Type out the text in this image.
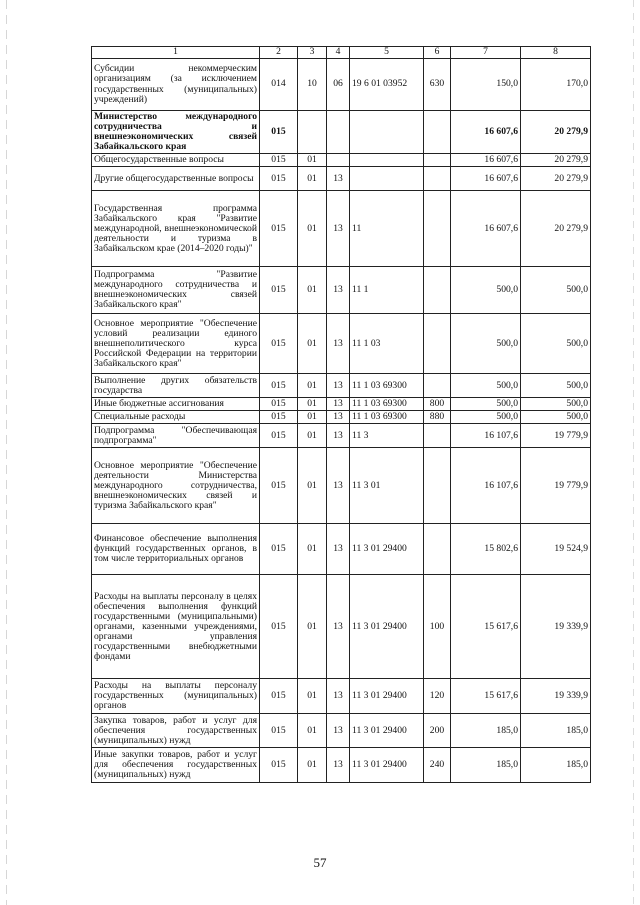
1	2	3	4	5	6	7	8
Субсидии некоммерческим организациям (за исключением государственных (муниципальных) учреждений)	014	10	06	19 6 01 03952	630	150,0	170,0
Министерство международного сотрудничества и внешнеэкономических связей Забайкальского края	015					16 607,6	20 279,9
Общегосударственные вопросы	015	01				16 607,6	20 279,9
Другие общегосударственные вопросы	015	01	13			16 607,6	20 279,9
Государственная программа Забайкальского края "Развитие международной, внешнеэкономической деятельности и туризма в Забайкальском крае (2014–2020 годы)"	015	01	13	11		16 607,6	20 279,9
Подпрограмма "Развитие международного сотрудничества и внешнеэкономических связей Забайкальского края"	015	01	13	11 1		500,0	500,0
Основное мероприятие "Обеспечение условий реализации единого внешнеполитического курса Российской Федерации на территории Забайкальского края"	015	01	13	11 1 03		500,0	500,0
Выполнение других обязательств государства	015	01	13	11 1 03 69300		500,0	500,0
Иные бюджетные ассигнования	015	01	13	11 1 03 69300	800	500,0	500,0
Специальные расходы	015	01	13	11 1 03 69300	880	500,0	500,0
Подпрограмма "Обеспечивающая подпрограмма"	015	01	13	11 3		16 107,6	19 779,9
Основное мероприятие "Обеспечение деятельности Министерства международного сотрудничества, внешнеэкономических связей и туризма Забайкальского края"	015	01	13	11 3 01		16 107,6	19 779,9
Финансовое обеспечение выполнения функций государственных органов, в том числе территориальных органов	015	01	13	11 3 01 29400		15 802,6	19 524,9
Расходы на выплаты персоналу в целях обеспечения выполнения функций государственными (муниципальными) органами, казенными учреждениями, органами управления государственными внебюджетными фондами	015	01	13	11 3 01 29400	100	15 617,6	19 339,9
Расходы на выплаты персоналу государственных (муниципальных) органов	015	01	13	11 3 01 29400	120	15 617,6	19 339,9
Закупка товаров, работ и услуг для обеспечения государственных (муниципальных) нужд	015	01	13	11 3 01 29400	200	185,0	185,0
Иные закупки товаров, работ и услуг для обеспечения государственных (муниципальных) нужд	015	01	13	11 3 01 29400	240	185,0	185,0
57
